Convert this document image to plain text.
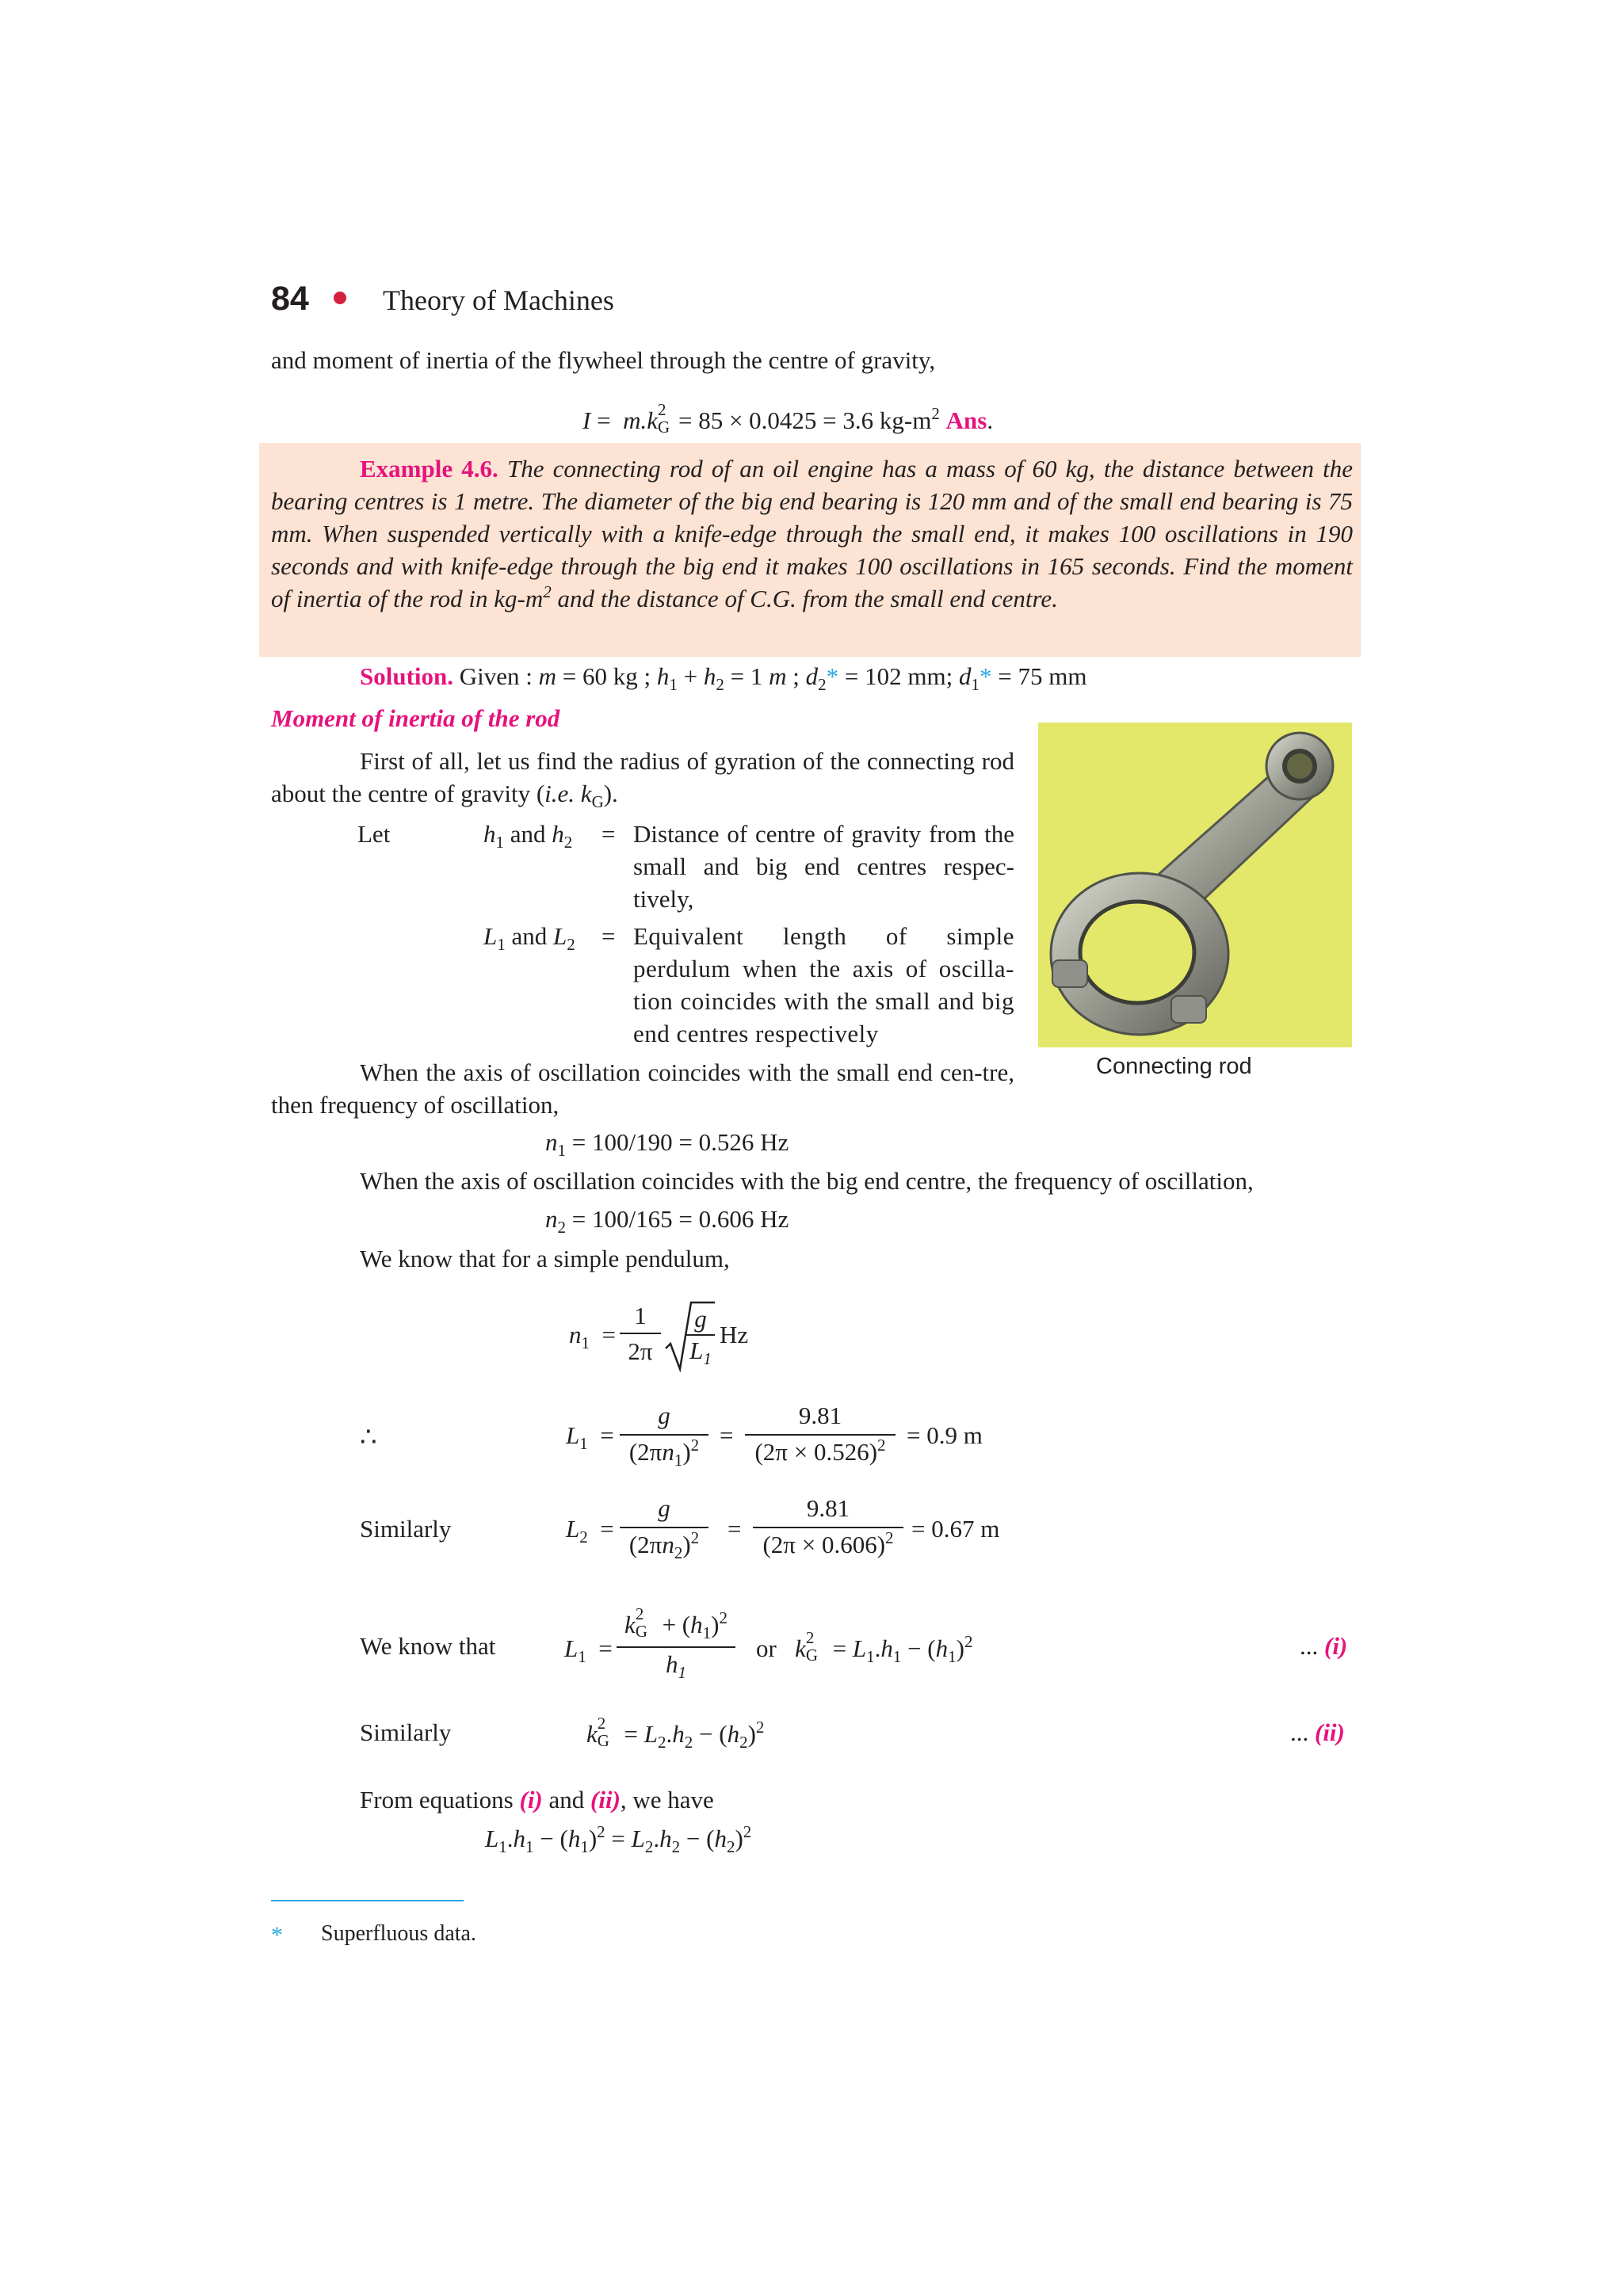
84	Theory of Machines
and moment of inertia of the flywheel through the centre of gravity,
I =  m.k 2
G = 85 × 0.0425 = 3.6 $kg-m^2$ Ans.
Example 4.6. The connecting rod of an oil engine has a mass of 60 kg, the distance between the bearing centres is 1 metre. The diameter of the big end bearing is 120 mm and of the small end bearing is 75 mm. When suspended vertically with a knife-edge through the small end, it makes 100 oscillations in 190 seconds and with knife-edge through the big end it makes 100 oscillations in 165 seconds. Find the moment of inertia of the rod in $kg-m^2$ and the distance of C.G. from the small end centre.
Solution. Given : m = 60 kg ; $h_1 + h_2 = 1$ m ; $d_2* = 102$ mm; $d_1* = 75$ mm
Moment of inertia of the rod
First of all, let us find the radius of gyration of the connecting rod about the centre of gravity (i.e. $k_G$).
Let	$h_1$ and $h_2$ = Distance of centre of gravity from the small and big end centres respec-tively,
$L_1$ and $L_2$ = Equivalent length of simple perdulum when the axis of oscilla-tion coincides with the small and big end centres respectively
Connecting rod
When the axis of oscillation coincides with the small end cen-tre, then frequency of oscillation,
$n_1 = 100/190 = 0.526$ Hz
When the axis of oscillation coincides with the big end centre, the frequency of oscillation,
$n_2 = 100/165 = 0.606$ Hz
We know that for a simple pendulum,
$n_1$  =
1
2π
g
$L_1$
Hz
∴	$L_1$  =
g
$(2\pi n_1)^2$ =
9.81
$(2\pi \times 0.526)^2 = 0.9$ m
Similarly	$L_2$  =
g
$(2\pi n_2)^2$	=
9.81
$(2\pi \times 0.606)^2 = 0.67$ m
We know that	$L_1$  =
k 2
$G + (h_1)^2$
$h_1$
or   k 2
$G = L_1.h_1 - (h_1)^2$	... (i)
Similarly	k 2
$G = L_2.h_2 - (h_2)^2$	... (ii)
From equations (i) and (ii), we have
$L_1.h_1 - (h_1)^2 = L_2.h_2 - (h_2)^2$
* Superfluous data.
